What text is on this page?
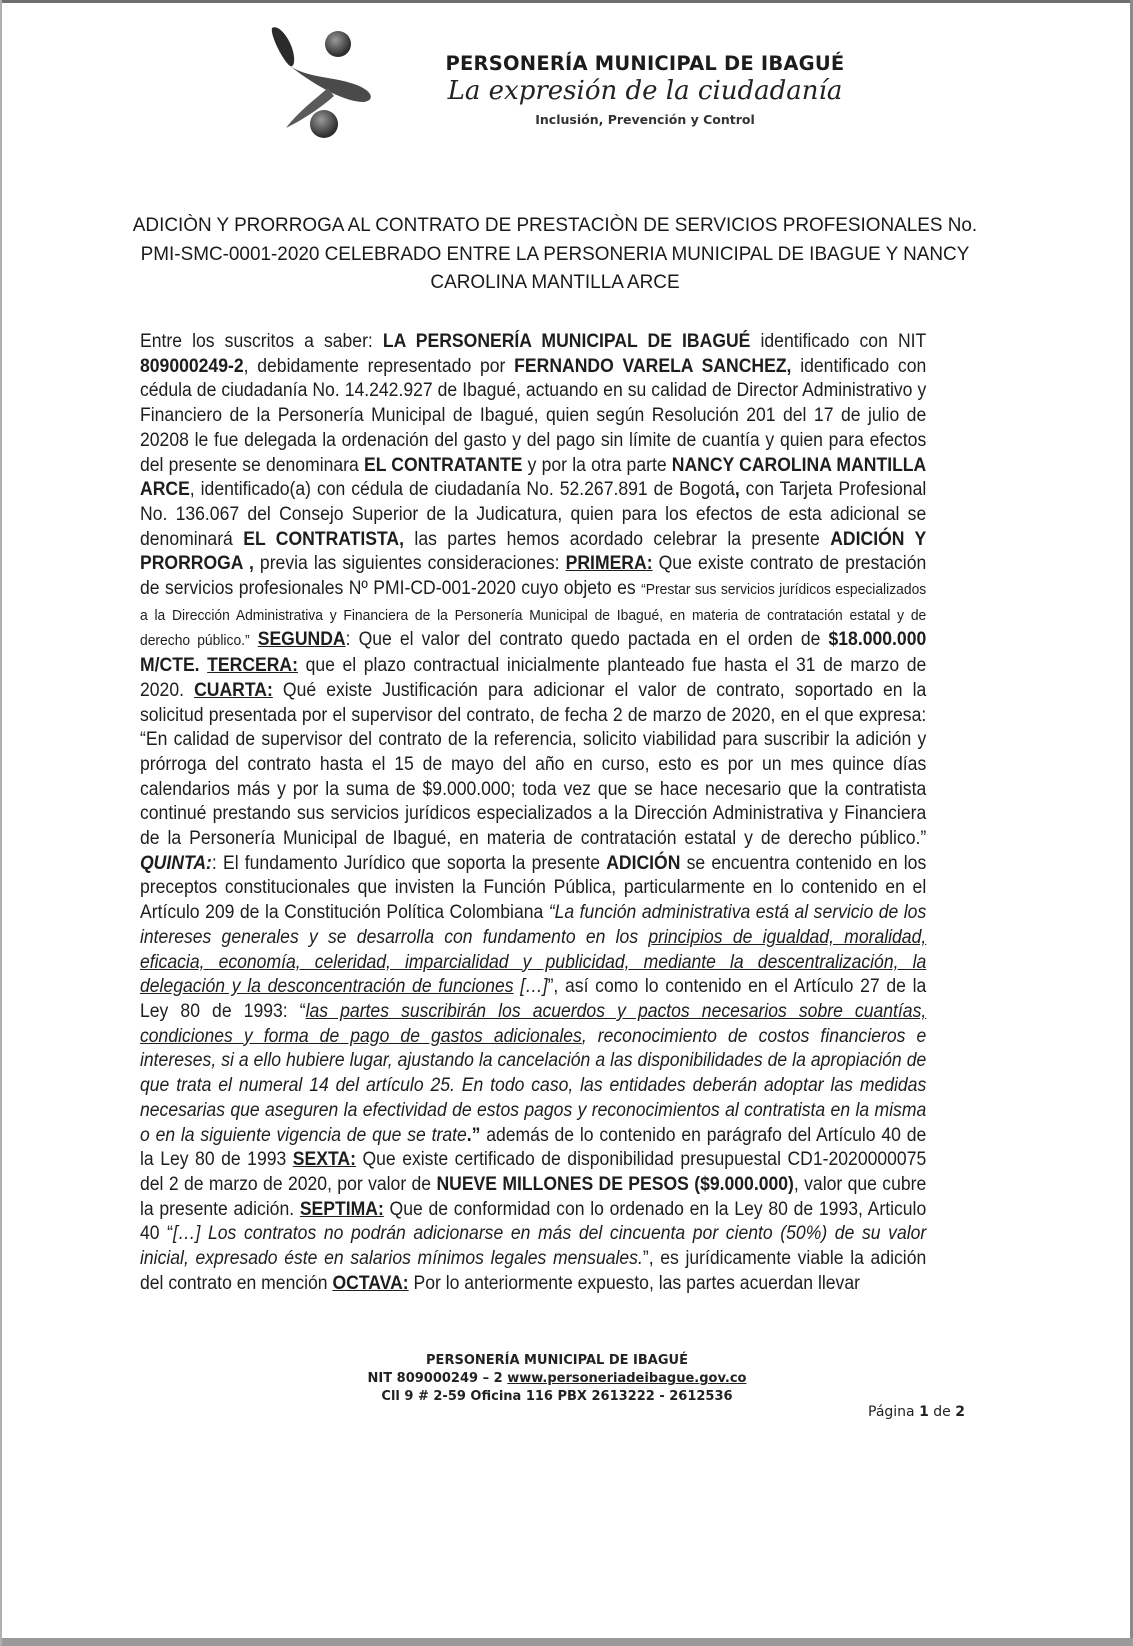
PERSONERÍA MUNICIPAL DE IBAGUÉ
La expresión de la ciudadanía
Inclusión, Prevención y Control
ADICIÒN Y PRORROGA AL CONTRATO DE PRESTACIÒN DE SERVICIOS PROFESIONALES No.
PMI-SMC-0001-2020 CELEBRADO ENTRE LA PERSONERIA MUNICIPAL DE IBAGUE Y NANCY
CAROLINA MANTILLA ARCE
Entre los suscritos a saber: LA PERSONERÍA MUNICIPAL DE IBAGUÉ identificado con NIT 809000249-2, debidamente representado por FERNANDO VARELA SANCHEZ, identificado con cédula de ciudadanía No. 14.242.927 de Ibagué, actuando en su calidad de Director Administrativo y Financiero de la Personería Municipal de Ibagué, quien según Resolución 201 del 17 de julio de 20208 le fue delegada la ordenación del gasto y del pago sin límite de cuantía y quien para efectos del presente se denominara EL CONTRATANTE y por la otra parte NANCY CAROLINA MANTILLA ARCE, identificado(a) con cédula de ciudadanía No. 52.267.891 de Bogotá, con Tarjeta Profesional No. 136.067 del Consejo Superior de la Judicatura, quien para los efectos de esta adicional se denominará EL CONTRATISTA, las partes hemos acordado celebrar la presente ADICIÓN Y PRORROGA , previa las siguientes consideraciones: PRIMERA: Que existe contrato de prestación de servicios profesionales Nº PMI-CD-001-2020 cuyo objeto es “Prestar sus servicios jurídicos especializados a la Dirección Administrativa y Financiera de la Personería Municipal de Ibagué, en materia de contratación estatal y de derecho público.” SEGUNDA: Que el valor del contrato quedo pactada en el orden de $18.000.000 M/CTE. TERCERA: que el plazo contractual inicialmente planteado fue hasta el 31 de marzo de 2020. CUARTA: Qué existe Justificación para adicionar el valor de contrato, soportado en la solicitud presentada por el supervisor del contrato, de fecha 2 de marzo de 2020, en el que expresa: “En calidad de supervisor del contrato de la referencia, solicito viabilidad para suscribir la adición y prórroga del contrato hasta el 15 de mayo del año en curso, esto es por un mes quince días calendarios más y por la suma de $9.000.000; toda vez que se hace necesario que la contratista continué prestando sus servicios jurídicos especializados a la Dirección Administrativa y Financiera de la Personería Municipal de Ibagué, en materia de contratación estatal y de derecho público.” QUINTA:: El fundamento Jurídico que soporta la presente ADICIÓN se encuentra contenido en los preceptos constitucionales que invisten la Función Pública, particularmente en lo contenido en el Artículo 209 de la Constitución Política Colombiana “La función administrativa está al servicio de los intereses generales y se desarrolla con fundamento en los principios de igualdad, moralidad, eficacia, economía, celeridad, imparcialidad y publicidad, mediante la descentralización, la delegación y la desconcentración de funciones […]”, así como lo contenido en el Artículo 27 de la Ley 80 de 1993: “las partes suscribirán los acuerdos y pactos necesarios sobre cuantías, condiciones y forma de pago de gastos adicionales, reconocimiento de costos financieros e intereses, si a ello hubiere lugar, ajustando la cancelación a las disponibilidades de la apropiación de que trata el numeral 14 del artículo 25. En todo caso, las entidades deberán adoptar las medidas necesarias que aseguren la efectividad de estos pagos y reconocimientos al contratista en la misma o en la siguiente vigencia de que se trate.” además de lo contenido en parágrafo del Artículo 40 de la Ley 80 de 1993 SEXTA: Que existe certificado de disponibilidad presupuestal CD1-2020000075 del 2 de marzo de 2020, por valor de NUEVE MILLONES DE PESOS ($9.000.000), valor que cubre la presente adición. SEPTIMA: Que de conformidad con lo ordenado en la Ley 80 de 1993, Articulo 40 “[…] Los contratos no podrán adicionarse en más del cincuenta por ciento (50%) de su valor inicial, expresado éste en salarios mínimos legales mensuales.”, es jurídicamente viable la adición del contrato en mención OCTAVA: Por lo anteriormente expuesto, las partes acuerdan llevar
PERSONERÍA MUNICIPAL DE IBAGUÉ
NIT 809000249 – 2 www.personeriadeibague.gov.co
Cll 9 # 2-59 Oficina 116 PBX 2613222 - 2612536
Página 1 de 2
